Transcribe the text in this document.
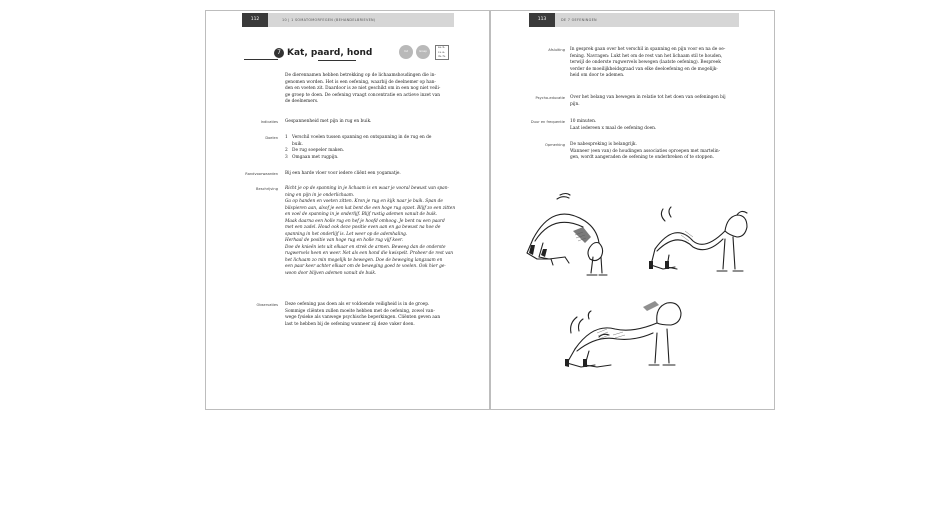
112	10 | 1 SOMATOMORFEGEN (BEHANDELBRIEVEN)
7 Kat, paard, hond	Ind	Groep
a+ b-
c+ e-
d+ f+
De dierennamen hebben betrekking op de lichaamshoudingen die in-
genomen worden. Het is een oefening, waarbij de deelnemer op han-
den en voeten zit. Daardoor is ze niet geschikt om in een nog niet veili-
ge groep te doen. De oefening vraagt concentratie en actieve inzet van
de deelnemers.
Indicaties Gespannenheid met pijn in rug en buik.
Doelen 1 Verschil voelen tussen spanning en ontspanning in de rug en de
buik.
2 De rug soepeler maken.
3 Omgaan met rugpijn.
Randvoorwaarden Bij een harde vloer voor iedere cliënt een yogamatje.
Beschrijving Richt je op de spanning in je lichaam is en waar je vooral bewust van span-
ning en pijn in je onderlichaam.
Ga op handen en voeten zitten. Kron je rug en kijk naar je buik. Span de
bilspieren aan, alsof je een kat bent die een hoge rug opzet. Blijf zo een zitten
en voel de spanning in je onderlijf. Blijf rustig ademen vanuit de buik.
Maak daarna een holle rug en hef je hoofd omhoog. Je bent nu een paard
met een zadel. Houd ook deze positie even aan en ga bewust na hoe de
spanning in het onderlijf is. Let weer op de ademhaling.
Herhaal de positie van hoge rug en holle rug vijf keer.
Doe de knieën iets uit elkaar en strek de armen. Beweeg dan de onderste
rugwervels heen en weer. Net als een hond die kwispelt. Probeer de rest van
het lichaam zo min mogelijk te bewegen. Doe de beweging langzaam en
een paar keer achter elkaar om de beweging goed te voelen. Ook hier ge-
woon door blijven ademen vanuit de buik.
Observaties Deze oefening pas doen als er voldoende veiligheid is in de groep.
Sommige cliënten zullen moeite hebben met de oefening, zowel van-
wege fysieke als vanwege psychische beperkingen. Cliënten geven aan
last te hebben bij de oefening wanneer zij deze vaker doen.
113	DE 7 OEFENINGEN
Afsluiting In gesprek gaan over het verschil in spanning en pijn voor en na de oe-
fening. Navragen: Lukt het om de rest van het lichaam stil te houden,
terwijl de onderste rugwervels bewegen (laatste oefening). Bespreek
verder de moeilijkheidsgraad van elke deeloefening en de mogelijk-
heid om door te ademen.
Psycho-educatie Over het belang van bewegen in relatie tot het doen van oefeningen bij
pijn.
Duur en frequentie 10 minuten.
Laat iedereen x maal de oefening doen.
Opmerking De nabespreking is belangrijk.
Wanneer (een van) de houdingen associaties oproepen met martelin-
gen, wordt aangeraden de oefening te onderbreken of te stoppen.
